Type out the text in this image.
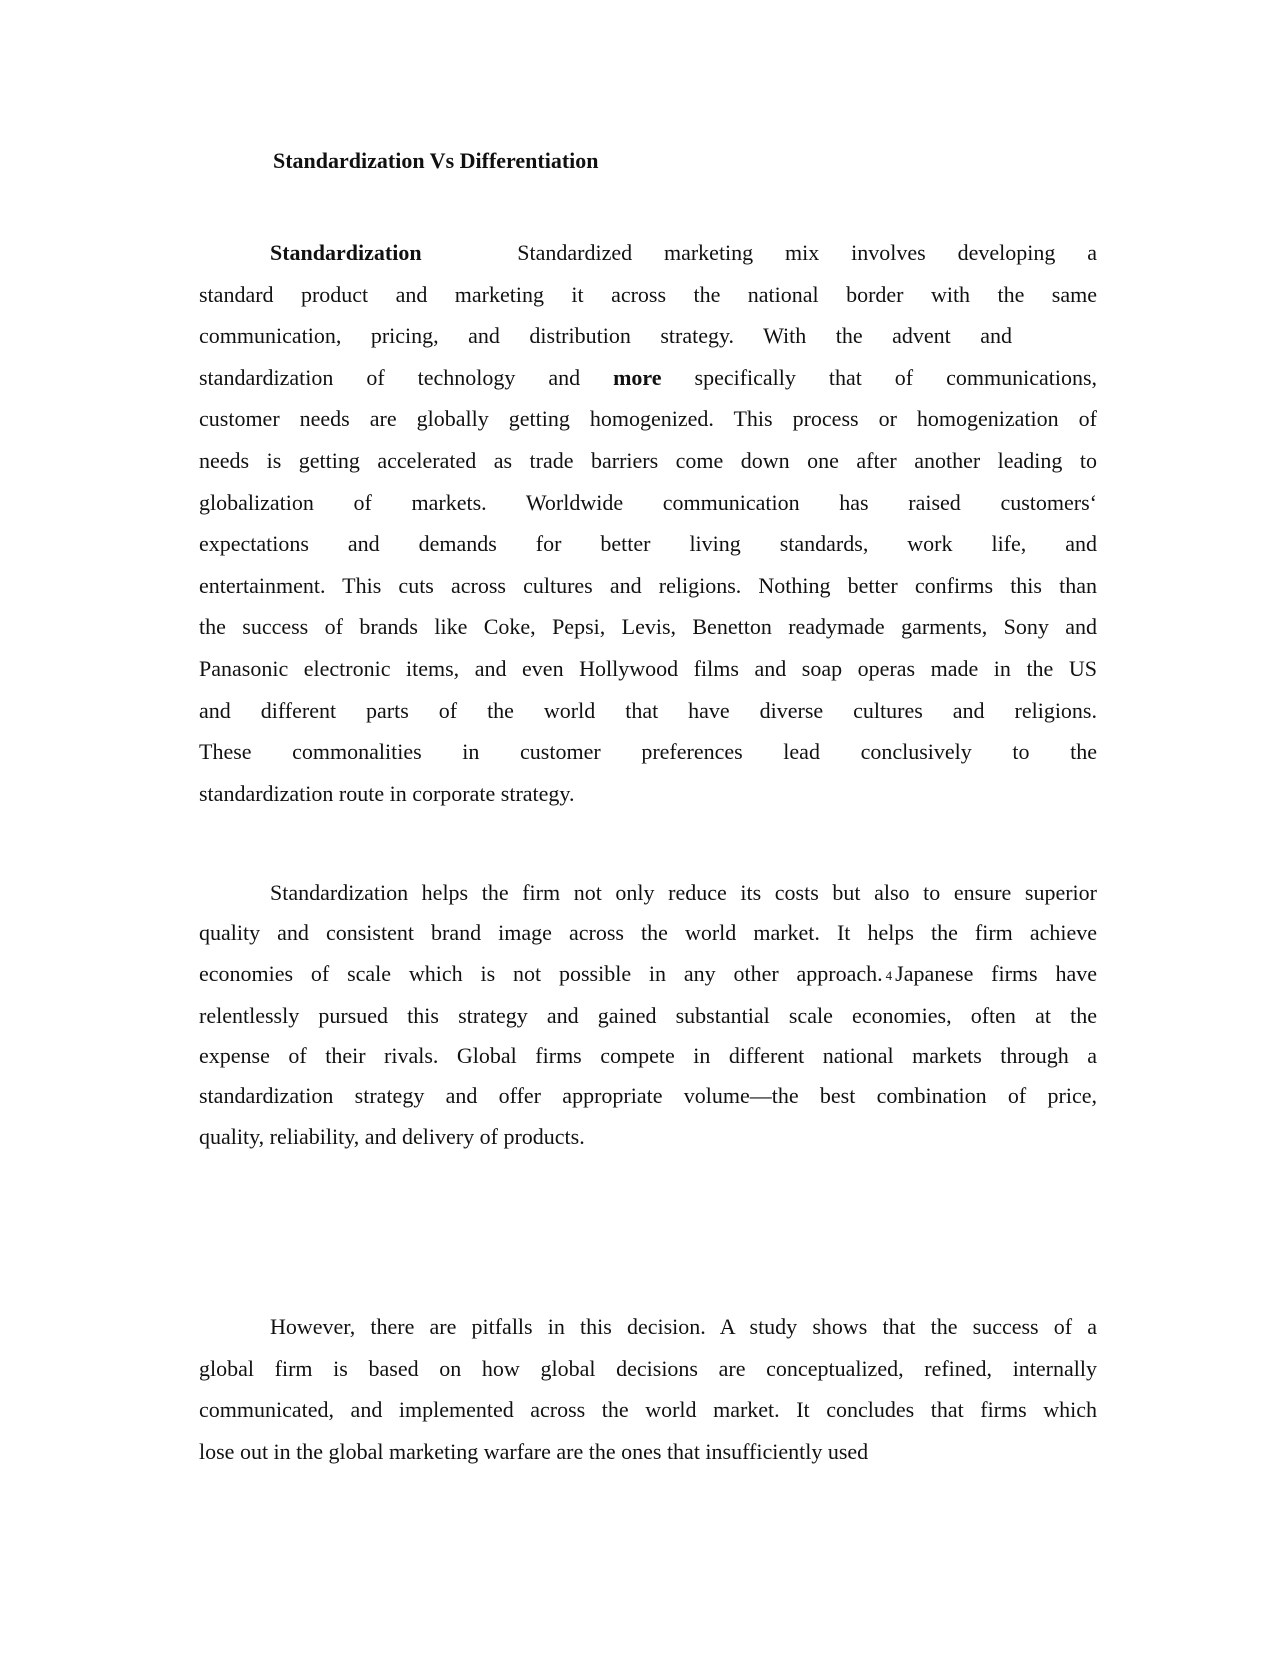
Standardization Vs Differentiation
Standardization	Standardized marketing mix involves developing a
standard product and marketing it across the national border with the same
communication, pricing, and distribution strategy. With the advent and
standardization of technology and more specifically that of communications,
customer needs are globally getting homogenized. This process or homogenization of
needs is getting accelerated as trade barriers come down one after another leading to
globalization of markets. Worldwide communication has raised customers‘
expectations and demands for better living standards, work life, and
entertainment. This cuts across cultures and religions. Nothing better confirms this than
the success of brands like Coke, Pepsi, Levis, Benetton readymade garments, Sony and
Panasonic electronic items, and even Hollywood films and soap operas made in the US
and different parts of the world that have diverse cultures and religions.
These commonalities in customer preferences lead conclusively to the
standardization route in corporate strategy.
Standardization helps the firm not only reduce its costs but also to ensure superior
quality and consistent brand image across the world market. It helps the firm achieve
economies of scale which is not possible in any other approach. 4 Japanese firms have
relentlessly pursued this strategy and gained substantial scale economies, often at the
expense of their rivals. Global firms compete in different national markets through a
standardization strategy and offer appropriate volume—the best combination of price,
quality, reliability, and delivery of products.
However, there are pitfalls in this decision. A study shows that the success of a
global firm is based on how global decisions are conceptualized, refined, internally
communicated, and implemented across the world market. It concludes that firms which
lose out in the global marketing warfare are the ones that insufficiently used
